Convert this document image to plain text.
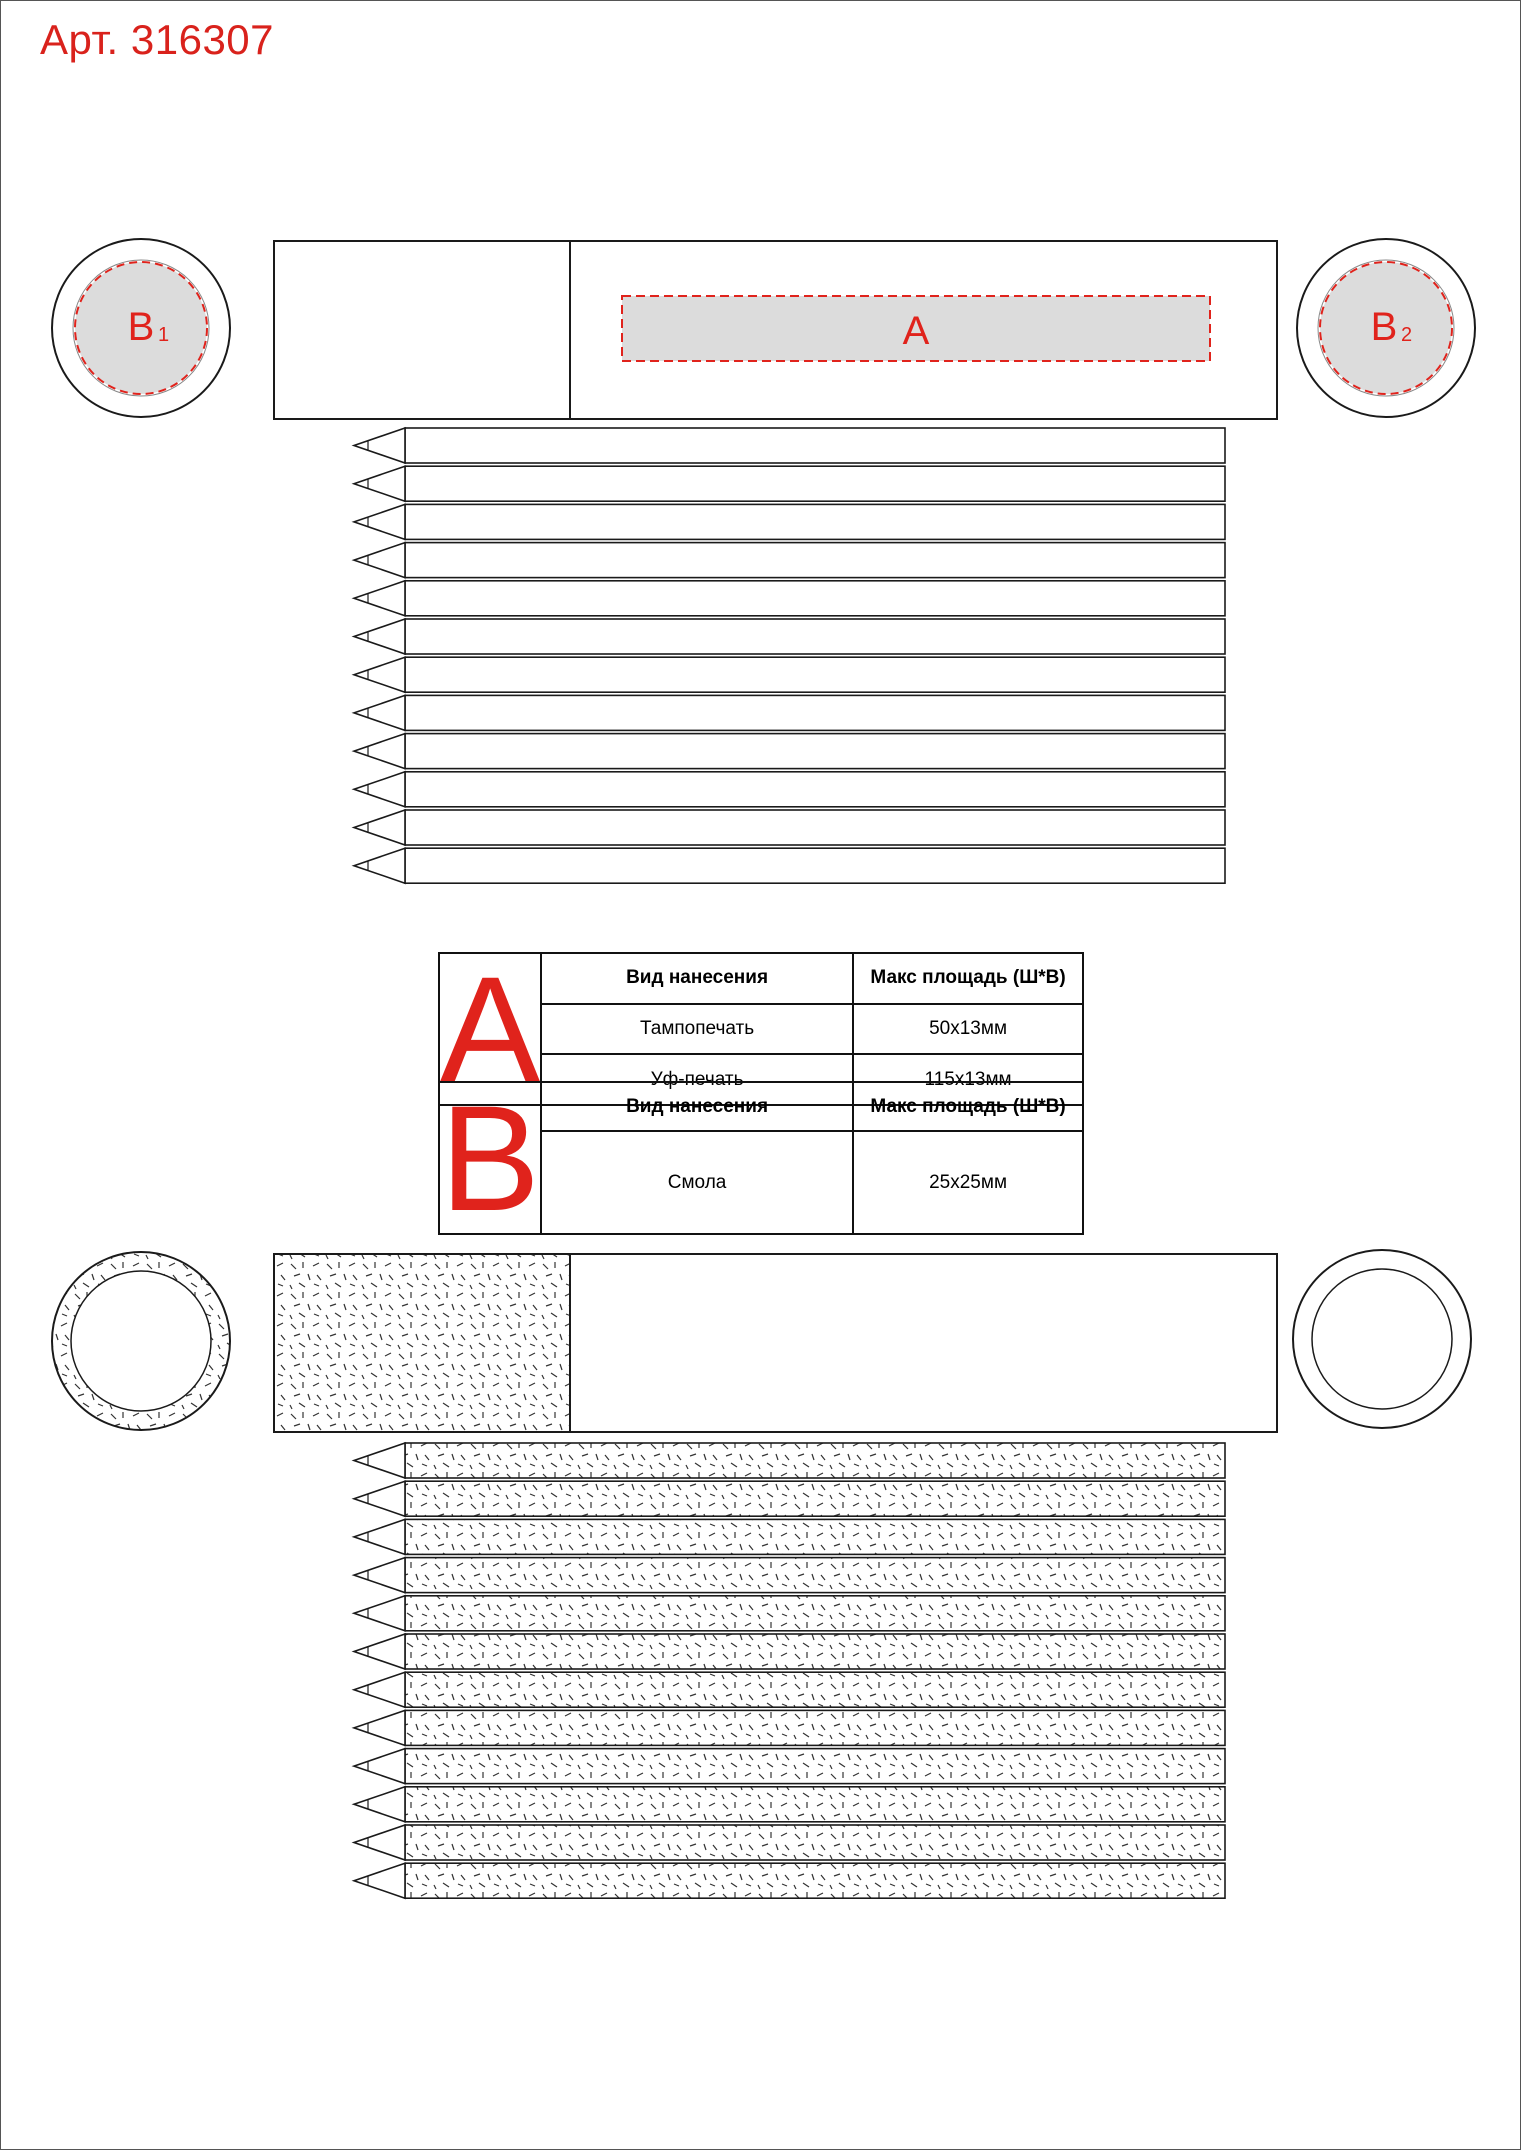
Арт. 316307
B 1	B 2
A
A	Вид нанесения	Макс площадь (Ш*В)
	Тампопечать	50х13мм
	Уф-печать	115х13мм
B	Вид нанесения	Макс площадь (Ш*В)
	Смола	25х25мм
